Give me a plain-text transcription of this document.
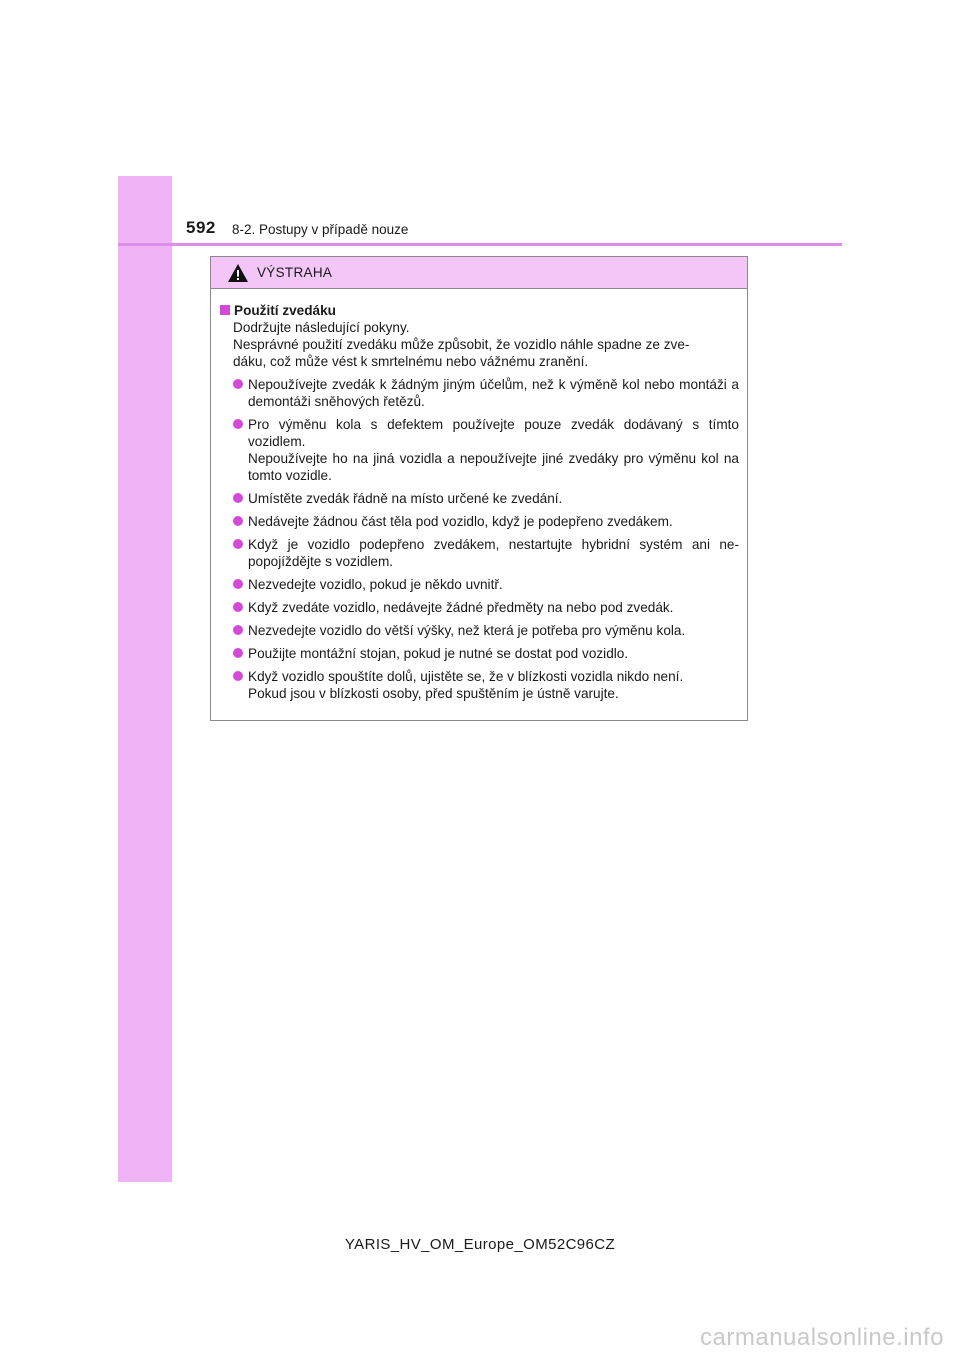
592 8-2. Postupy v případě nouze
VÝSTRAHA
Použití zvedáku
Dodržujte následující pokyny.
Nesprávné použití zvedáku může způsobit, že vozidlo náhle spadne ze zve-
dáku, což může vést k smrtelnému nebo vážnému zranění.
Nepoužívejte zvedák k žádným jiným účelům, než k výměně kol nebo montáži a demontáži sněhových řetězů.
Pro výměnu kola s defektem používejte pouze zvedák dodávaný s tímto vozidlem.
Nepoužívejte ho na jiná vozidla a nepoužívejte jiné zvedáky pro výměnu kol na tomto vozidle.
Umístěte zvedák řádně na místo určené ke zvedání.
Nedávejte žádnou část těla pod vozidlo, když je podepřeno zvedákem.
Když je vozidlo podepřeno zvedákem, nestartujte hybridní systém ani ne-popojíždějte s vozidlem.
Nezvedejte vozidlo, pokud je někdo uvnitř.
Když zvedáte vozidlo, nedávejte žádné předměty na nebo pod zvedák.
Nezvedejte vozidlo do větší výšky, než která je potřeba pro výměnu kola.
Použijte montážní stojan, pokud je nutné se dostat pod vozidlo.
Když vozidlo spouštíte dolů, ujistěte se, že v blízkosti vozidla nikdo není.
Pokud jsou v blízkosti osoby, před spuštěním je ústně varujte.
YARIS_HV_OM_Europe_OM52C96CZ
carmanualsonline.info
